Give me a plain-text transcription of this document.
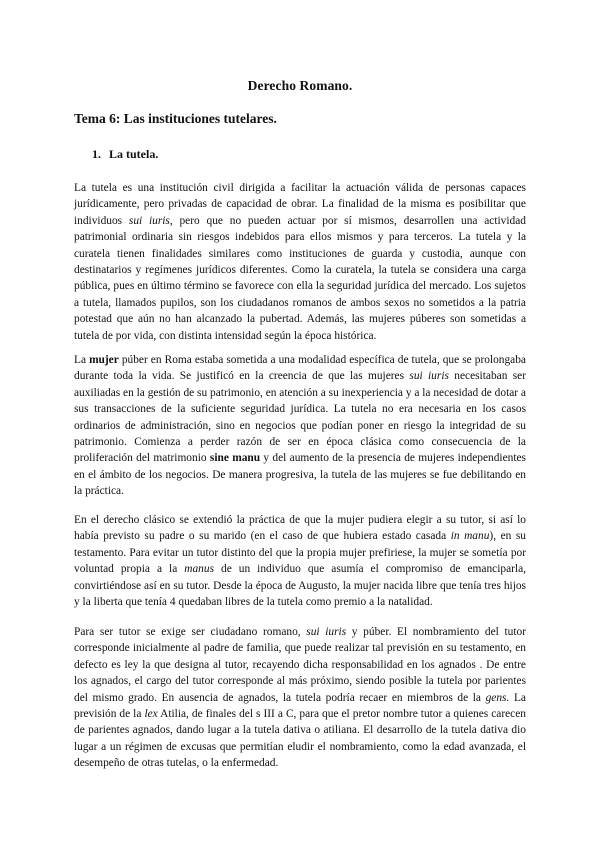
Derecho Romano.
Tema 6: Las instituciones tutelares.
1. La tutela.

La tutela es una institución civil dirigida a facilitar la actuación válida de personas capaces jurídicamente, pero privadas de capacidad de obrar. La finalidad de la misma es posibilitar que individuos sui iuris, pero que no pueden actuar por sí mismos, desarrollen una actividad patrimonial ordinaria sin riesgos indebidos para ellos mismos y para terceros. La tutela y la curatela tienen finalidades similares como instituciones de guarda y custodia, aunque con destinatarios y regímenes jurídicos diferentes. Como la curatela, la tutela se considera una carga pública, pues en último término se favorece con ella la seguridad jurídica del mercado. Los sujetos a tutela, llamados pupilos, son los ciudadanos romanos de ambos sexos no sometidos a la patria potestad que aún no han alcanzado la pubertad. Además, las mujeres púberes son sometidas a tutela de por vida, con distinta intensidad según la época histórica.

La mujer púber en Roma estaba sometida a una modalidad específica de tutela, que se prolongaba durante toda la vida. Se justificó en la creencia de que las mujeres sui iuris necesitaban ser auxiliadas en la gestión de su patrimonio, en atención a su inexperiencia y a la necesidad de dotar a sus transacciones de la suficiente seguridad jurídica. La tutela no era necesaria en los casos ordinarios de administración, sino en negocios que podían poner en riesgo la integridad de su patrimonio. Comienza a perder razón de ser en época clásica como consecuencia de la proliferación del matrimonio sine manu y del aumento de la presencia de mujeres independientes en el ámbito de los negocios. De manera progresiva, la tutela de las mujeres se fue debilitando en la práctica.

En el derecho clásico se extendió la práctica de que la mujer pudiera elegir a su tutor, si así lo había previsto su padre o su marido (en el caso de que hubiera estado casada in manu), en su testamento. Para evitar un tutor distinto del que la propia mujer prefiriese, la mujer se sometía por voluntad propia a la manus de un individuo que asumía el compromiso de emanciparla, convirtiéndose así en su tutor. Desde la época de Augusto, la mujer nacida libre que tenía tres hijos y la liberta que tenía 4 quedaban libres de la tutela como premio a la natalidad.

Para ser tutor se exige ser ciudadano romano, sui iuris y púber. El nombramiento del tutor corresponde inicialmente al padre de familia, que puede realizar tal previsión en su testamento, en defecto es ley la que designa al tutor, recayendo dicha responsabilidad en los agnados . De entre los agnados, el cargo del tutor corresponde al más próximo, siendo posible la tutela por parientes del mismo grado. En ausencia de agnados, la tutela podría recaer en miembros de la gens. La previsión de la lex Atilia, de finales del s III a C, para que el pretor nombre tutor a quienes carecen de parientes agnados, dando lugar a la tutela dativa o atiliana. El desarrollo de la tutela dativa dio lugar a un régimen de excusas que permitían eludir el nombramiento, como la edad avanzada, el desempeño de otras tutelas, o la enfermedad.
